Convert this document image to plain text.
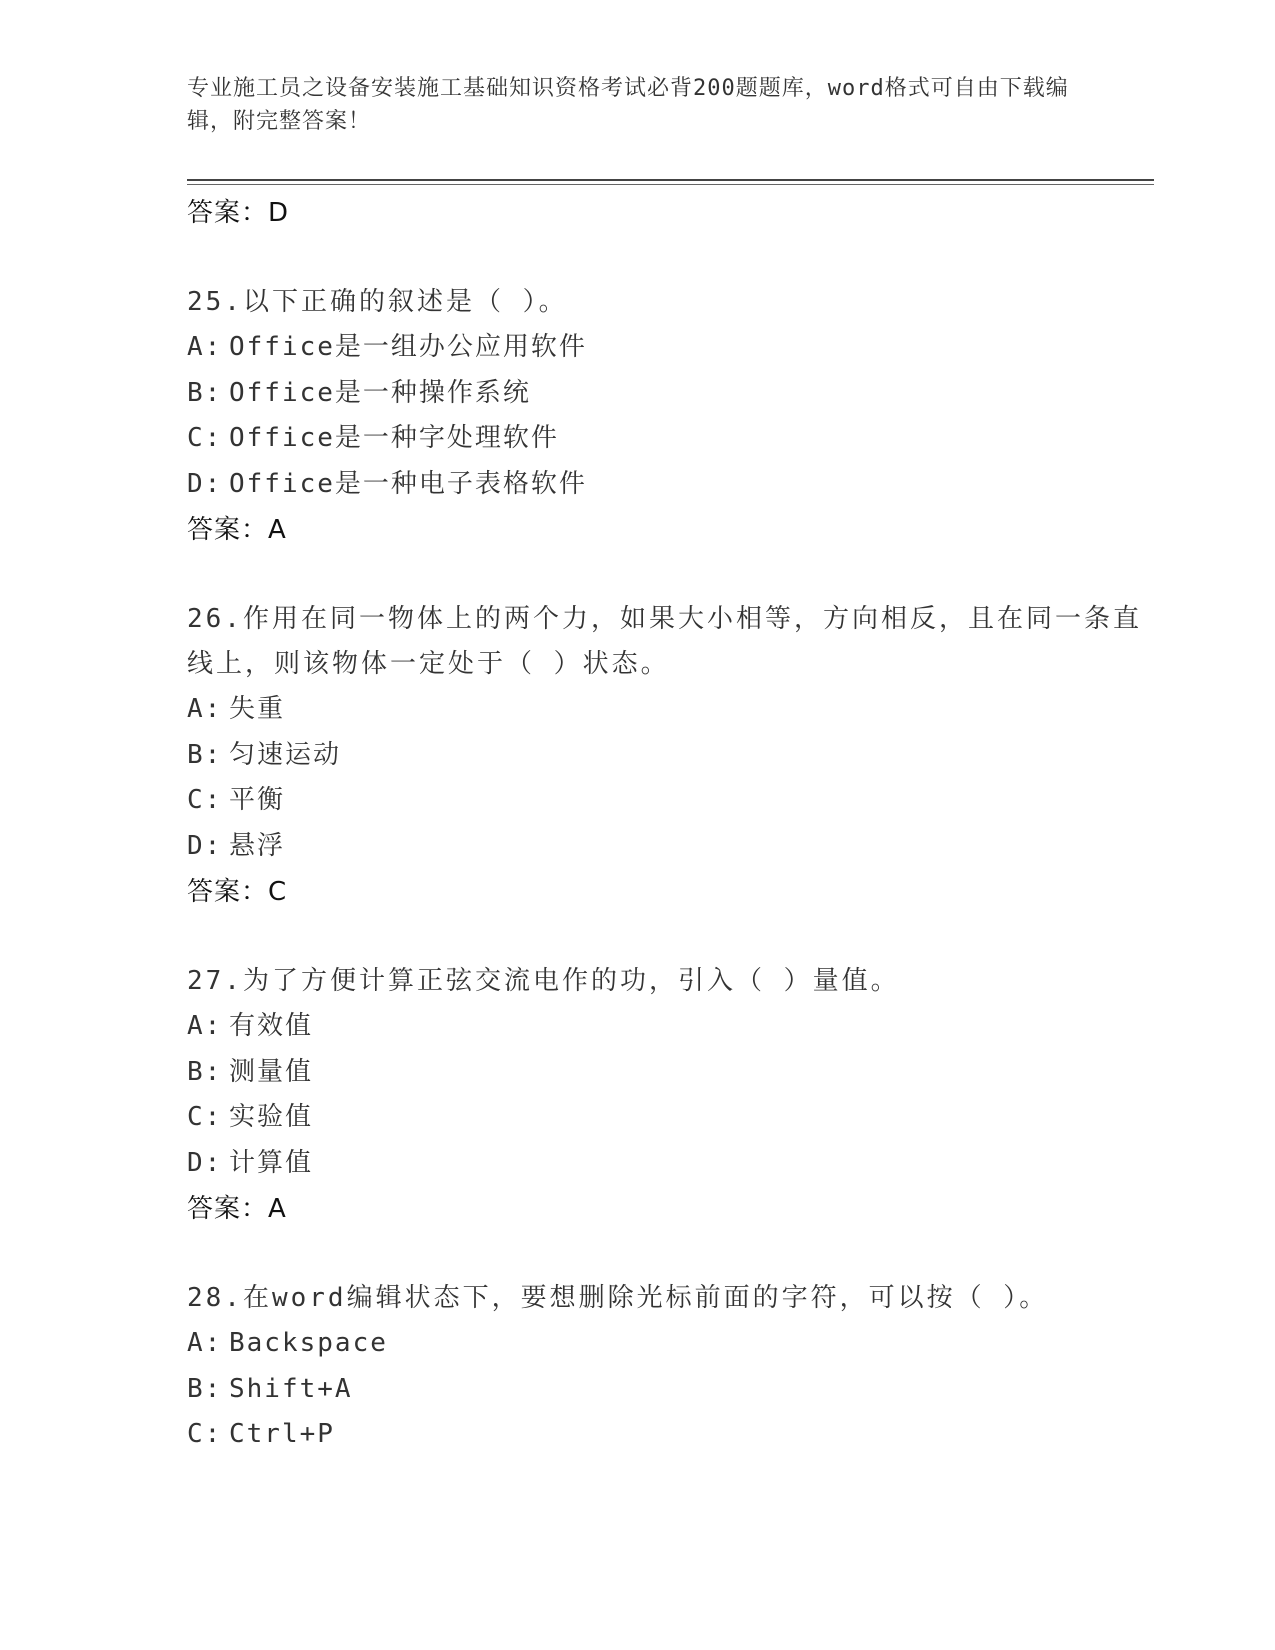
专业施工员之设备安装施工基础知识资格考试必背200题题库，word格式可自由下载编辑，附完整答案！
答案：D
25.以下正确的叙述是（ ）。
A: Office是一组办公应用软件
B: Office是一种操作系统
C: Office是一种字处理软件
D: Office是一种电子表格软件
答案：A
26.作用在同一物体上的两个力，如果大小相等，方向相反，且在同一条直线上，则该物体一定处于（ ）状态。
A: 失重
B: 匀速运动
C: 平衡
D: 悬浮
答案：C
27.为了方便计算正弦交流电作的功，引入（ ）量值。
A: 有效值
B: 测量值
C: 实验值
D: 计算值
答案：A
28.在word编辑状态下，要想删除光标前面的字符，可以按（ ）。
A: Backspace
B: Shift+A
C: Ctrl+P
